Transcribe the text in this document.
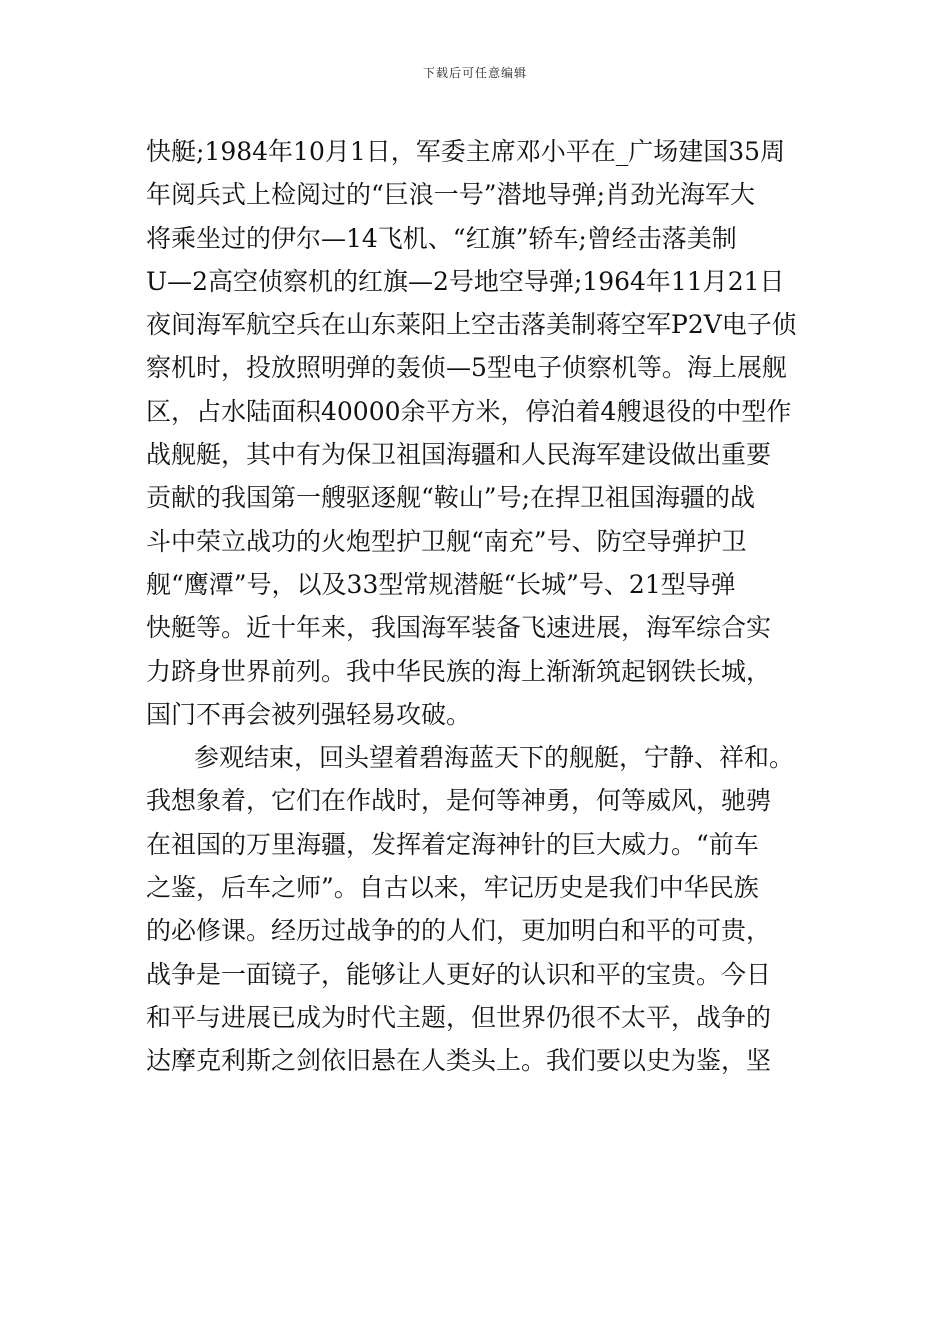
下载后可任意编辑
快艇;1984年10月1日，军委主席邓小平在_广场建国35周
年阅兵式上检阅过的“巨浪一号”潜地导弹;肖劲光海军大
将乘坐过的伊尔—14飞机、“红旗”轿车;曾经击落美制
U—2高空侦察机的红旗—2号地空导弹;1964年11月21日
夜间海军航空兵在山东莱阳上空击落美制蒋空军P2V电子侦
察机时，投放照明弹的轰侦—5型电子侦察机等。海上展舰
区，占水陆面积40000余平方米，停泊着4艘退役的中型作
战舰艇，其中有为保卫祖国海疆和人民海军建设做出重要
贡献的我国第一艘驱逐舰“鞍山”号;在捍卫祖国海疆的战
斗中荣立战功的火炮型护卫舰“南充”号、防空导弹护卫
舰“鹰潭”号，以及33型常规潜艇“长城”号、21型导弹
快艇等。近十年来，我国海军装备飞速进展，海军综合实
力跻身世界前列。我中华民族的海上渐渐筑起钢铁长城，
国门不再会被列强轻易攻破。
参观结束，回头望着碧海蓝天下的舰艇，宁静、祥和。
我想象着，它们在作战时，是何等神勇，何等威风，驰骋
在祖国的万里海疆，发挥着定海神针的巨大威力。“前车
之鉴，后车之师”。自古以来，牢记历史是我们中华民族
的必修课。经历过战争的的人们，更加明白和平的可贵，
战争是一面镜子，能够让人更好的认识和平的宝贵。今日
和平与进展已成为时代主题，但世界仍很不太平，战争的
达摩克利斯之剑依旧悬在人类头上。我们要以史为鉴，坚
